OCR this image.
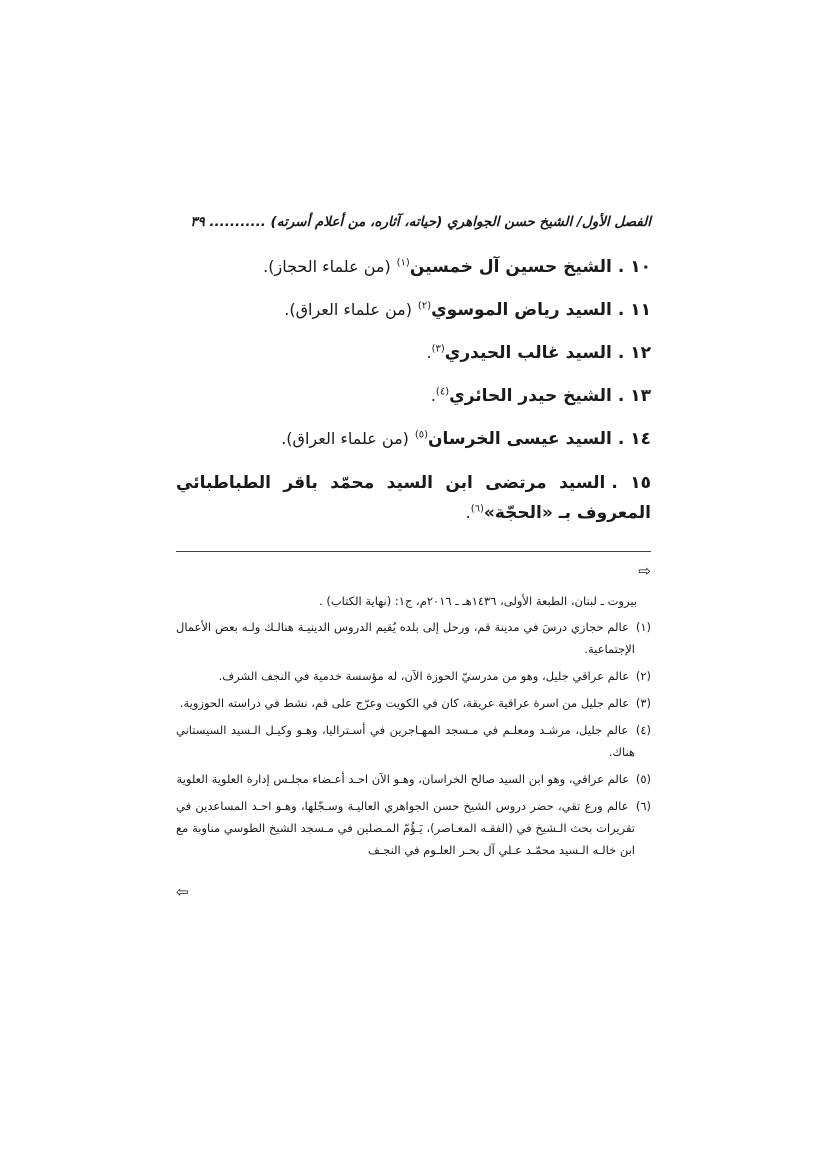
الفصل الأول/ الشيخ حسن الجواهري (حياته، آثاره، من أعلام أسرته) ........... ٣٩
١٠ .الشيخ حسين آل خمسين$^{(١)}$ (من علماء الحجاز).
١١ .السيد رياض الموسوي$^{(٢)}$ (من علماء العراق).
١٢ .السيد غالب الحيدري$^{(٣)}$.
١٣ .الشيخ حيدر الحائري$^{(٤)}$.
١٤ .السيد عيسى الخرسان$^{(٥)}$ (من علماء العراق).
١٥ .السيد مرتضى ابن السيد محمّد باقر الطباطبائي المعروف بـ «الحجّة»$^{(٦)}$.
⇨
بيروت ـ لبنان، الطبعة الأولى، ١٤٣٦هـ ـ ٢٠١٦م، ج١: (نهاية الكتاب) .
(١) عالم حجازي درسَ في مدينة قم، ورحل إلى بلده يُقيم الدروس الدينيـة هنالـك ولـه بعض الأعمال الإجتماعية.
(٢) عالم عراقي جليل، وهو من مدرسيّ الحوزة الآن، له مؤسسة خدمية في النجف الشرف.
(٣) عالم جليل من اسرة عراقية عريقة، كان في الكويت وعرّج على قم، نشط في دراسته الحوزوية.
(٤) عالم جليل، مرشـد ومعلـم في مـسجد المهـاجرين في أسـتراليا، وهـو وكيـل الـسيد السيستاني هناك.
(٥) عالم عراقي، وهو ابن السيد صالح الخراسان، وهـو الآن احـد أعـضاء مجلـس إدارة العلوية العلوية
(٦) عالم ورع تقي، حضر دروس الشيخ حسن الجواهري العاليـة وسـجّلها، وهـو احـد المساعدين في تقريرات بحث الـشيخ في (الفقـه المعـاصر)، يَـؤُمّ المـصلين في مـسجد الشيخ الطوسي مناوبة مع ابن خالـه الـسيد محمّـد عـلي آل بحـر العلـوم في النجـف
⇦
